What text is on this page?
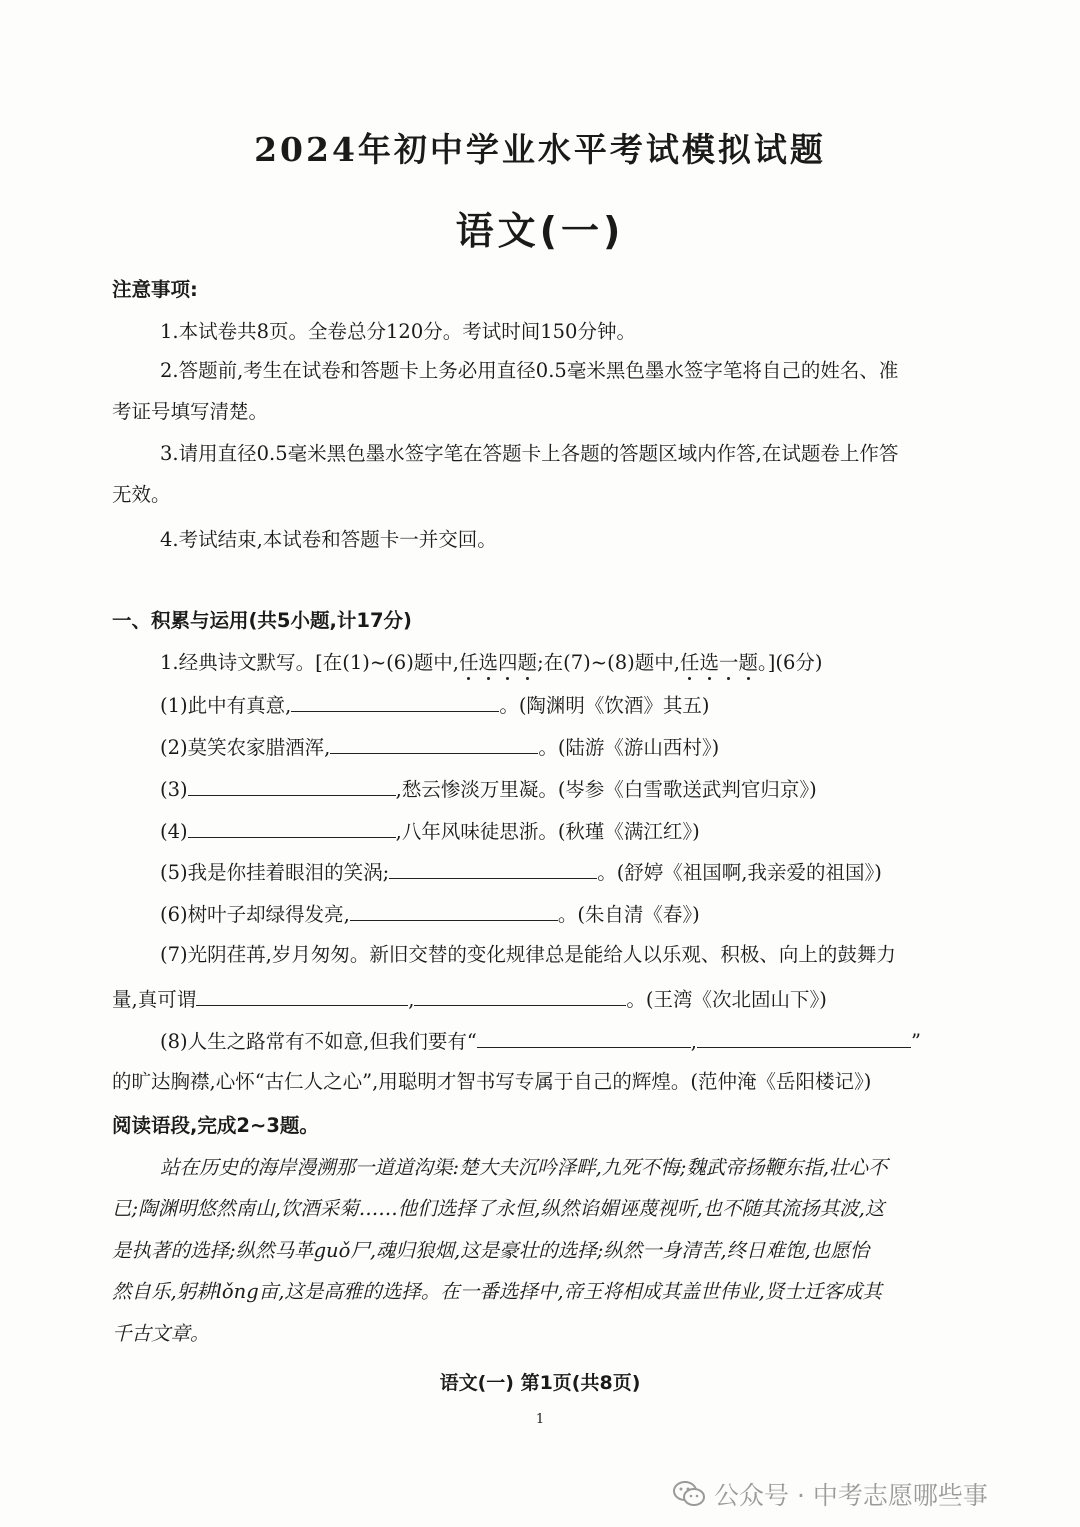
2024年初中学业水平考试模拟试题
语文(一)
注意事项:
1.本试卷共8页。全卷总分120分。考试时间150分钟。
2.答题前,考生在试卷和答题卡上务必用直径0.5毫米黑色墨水签字笔将自己的姓名、准
考证号填写清楚。
3.请用直径0.5毫米黑色墨水签字笔在答题卡上各题的答题区域内作答,在试题卷上作答
无效。
4.考试结束,本试卷和答题卡一并交回。
一、积累与运用(共5小题,计17分)
1.经典诗文默写。[在(1)~(6)题中,任选四题;在(7)~(8)题中,任选一题。](6分)
(1)此中有真意,	。(陶渊明《饮酒》其五)
(2)莫笑农家腊酒浑,	。(陆游《游山西村》)
(3)	,愁云惨淡万里凝。(岑参《白雪歌送武判官归京》)
(4)	,八年风味徒思浙。(秋瑾《满江红》)
(5)我是你挂着眼泪的笑涡;	。(舒婷《祖国啊,我亲爱的祖国》)
(6)树叶子却绿得发亮,	。(朱自清《春》)
(7)光阴荏苒,岁月匆匆。新旧交替的变化规律总是能给人以乐观、积极、向上的鼓舞力
量,真可谓	,	。(王湾《次北固山下》)
(8)人生之路常有不如意,但我们要有“	,	”
的旷达胸襟,心怀“古仁人之心”,用聪明才智书写专属于自己的辉煌。(范仲淹《岳阳楼记》)
阅读语段,完成2~3题。
站在历史的海岸漫溯那一道道沟渠:楚大夫沉吟泽畔,九死不悔;魏武帝扬鞭东指,壮心不
已;陶渊明悠然南山,饮酒采菊……他们选择了永恒,纵然谄媚诬蔑视听,也不随其流扬其波,这
是执著的选择;纵然马革guǒ尸,魂归狼烟,这是豪壮的选择;纵然一身清苦,终日难饱,也愿怡
然自乐,躬耕lǒng亩,这是高雅的选择。在一番选择中,帝王将相成其盖世伟业,贤士迁客成其
千古文章。
语文(一) 第1页(共8页)
1
公众号 · 中考志愿哪些事
